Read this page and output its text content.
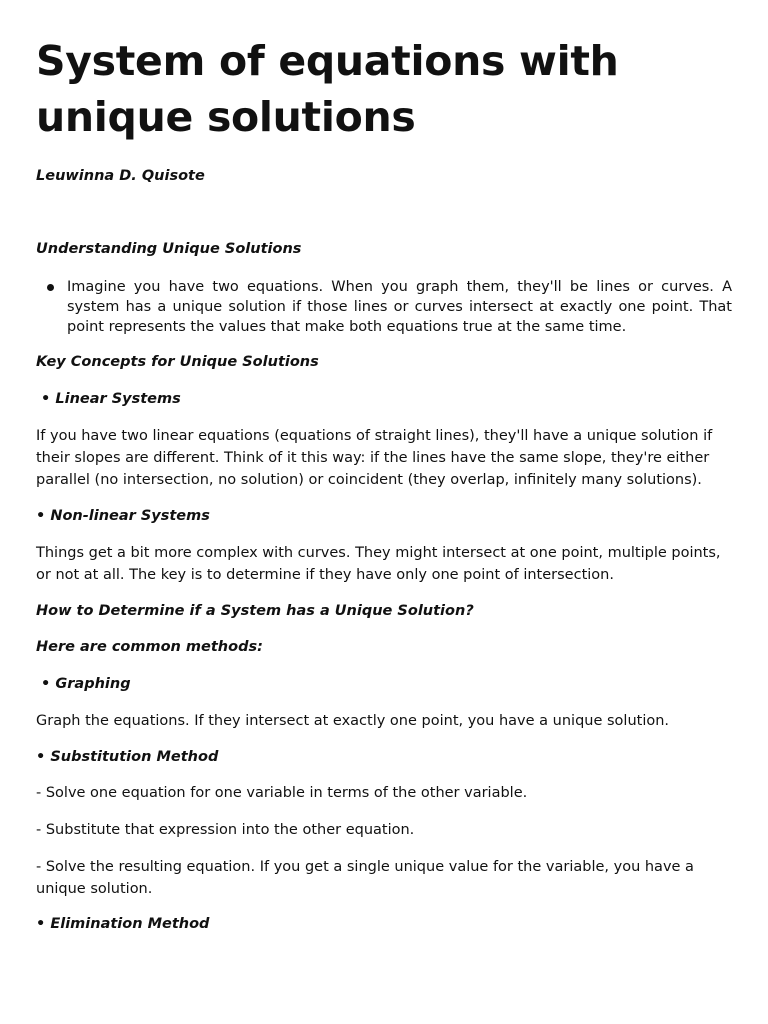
System of equations with unique solutions

Leuwinna D. Quisote

Understanding Unique Solutions

Imagine you have two equations. When you graph them, they'll be lines or curves. A system has a unique solution if those lines or curves intersect at exactly one point. That point represents the values that make both equations true at the same time.

Key Concepts for Unique Solutions

• Linear Systems

If you have two linear equations (equations of straight lines), they'll have a unique solution if their slopes are different. Think of it this way: if the lines have the same slope, they're either parallel (no intersection, no solution) or coincident (they overlap, infinitely many solutions).

• Non-linear Systems

Things get a bit more complex with curves. They might intersect at one point, multiple points, or not at all. The key is to determine if they have only one point of intersection.

How to Determine if a System has a Unique Solution?

Here are common methods:

• Graphing

Graph the equations. If they intersect at exactly one point, you have a unique solution.

• Substitution Method

- Solve one equation for one variable in terms of the other variable.

- Substitute that expression into the other equation.

- Solve the resulting equation. If you get a single unique value for the variable, you have a unique solution.

• Elimination Method
